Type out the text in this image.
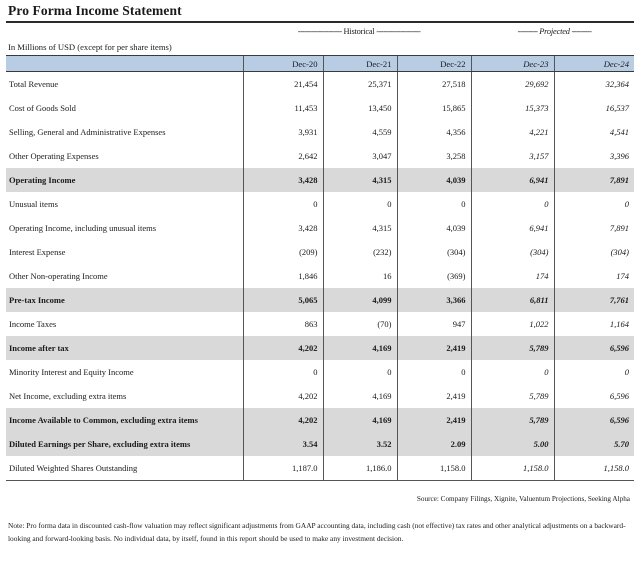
Pro Forma Income Statement
-------------------- Historical --------------------	--------- Projected ---------
In Millions of USD (except for per share items)
	Dec-20	Dec-21	Dec-22	Dec-23	Dec-24
Total Revenue	21,454	25,371	27,518	29,692	32,364
Cost of Goods Sold	11,453	13,450	15,865	15,373	16,537
Selling, General and Administrative Expenses	3,931	4,559	4,356	4,221	4,541
Other Operating Expenses	2,642	3,047	3,258	3,157	3,396
Operating Income	3,428	4,315	4,039	6,941	7,891
Unusual items	0	0	0	0	0
Operating Income, including unusual items	3,428	4,315	4,039	6,941	7,891
Interest Expense	(209)	(232)	(304)	(304)	(304)
Other Non-operating Income	1,846	16	(369)	174	174
Pre-tax Income	5,065	4,099	3,366	6,811	7,761
Income Taxes	863	(70)	947	1,022	1,164
Income after tax	4,202	4,169	2,419	5,789	6,596
Minority Interest and Equity Income	0	0	0	0	0
Net Income, excluding extra items	4,202	4,169	2,419	5,789	6,596
Income Available to Common, excluding extra items	4,202	4,169	2,419	5,789	6,596
Diluted Earnings per Share, excluding extra items	3.54	3.52	2.09	5.00	5.70
Diluted Weighted Shares Outstanding	1,187.0	1,186.0	1,158.0	1,158.0	1,158.0
Source: Company Filings, Xignite, Valuentum Projections, Seeking Alpha
Note: Pro forma data in discounted cash-flow valuation may reflect significant adjustments from GAAP accounting data, including cash (not effective) tax rates and other analytical adjustments on a backward-looking and forward-looking basis. No individual data, by itself, found in this report should be used to make any investment decision.
